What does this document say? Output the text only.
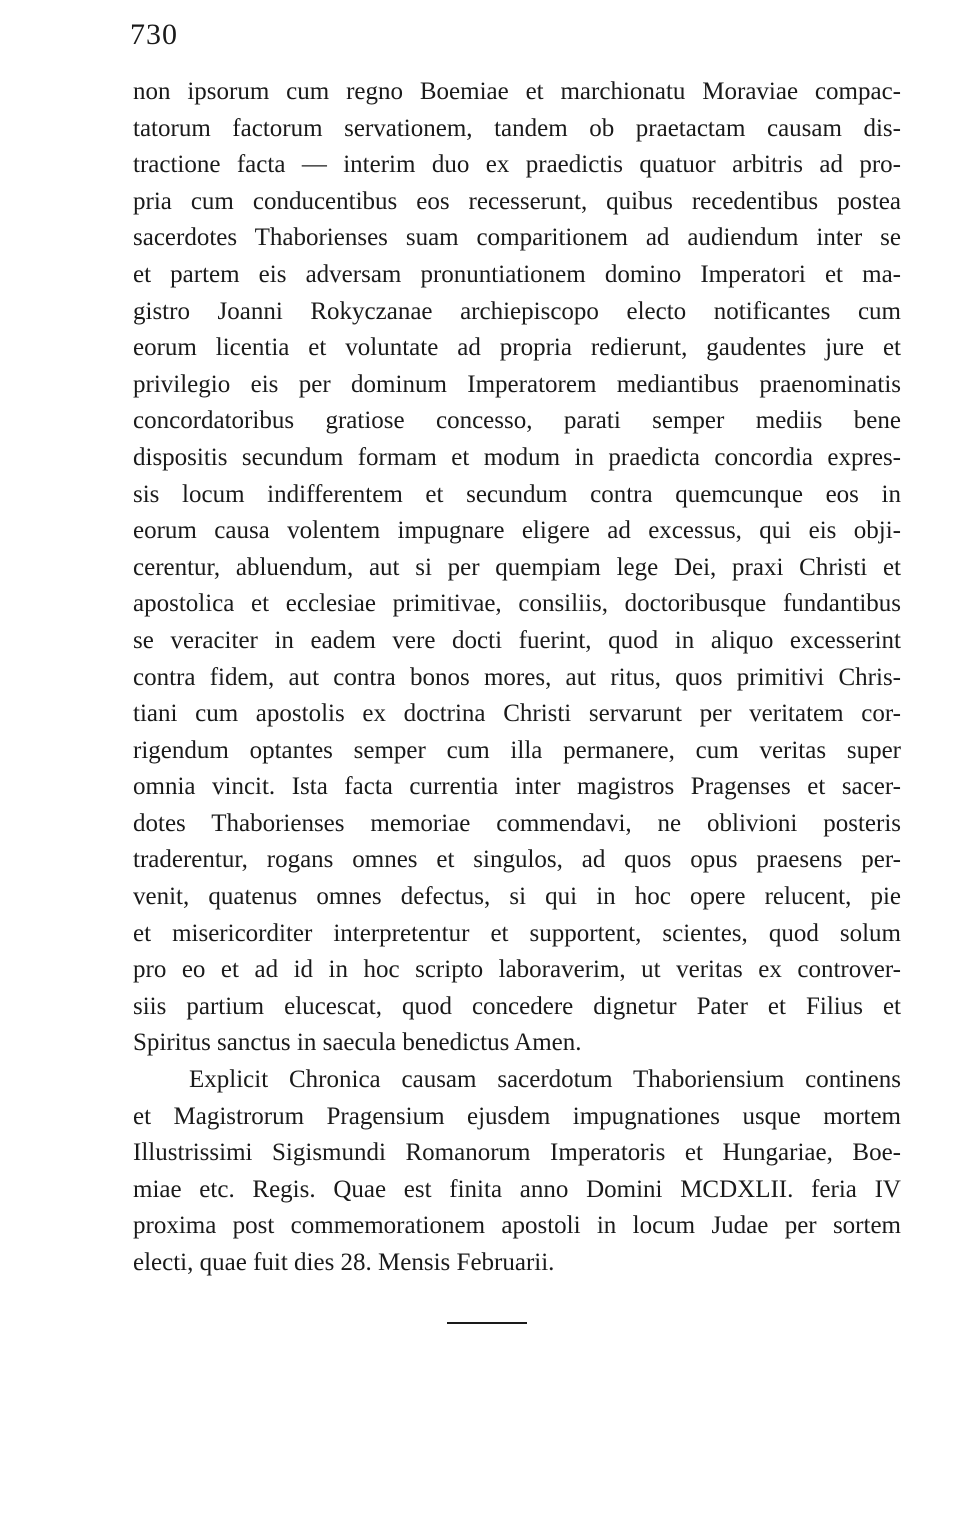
730
non ipsorum cum regno Boemiae et marchionatu Moraviae compac-
tatorum factorum servationem, tandem ob praetactam causam dis-
tractione facta — interim duo ex praedictis quatuor arbitris ad pro-
pria cum conducentibus eos recesserunt, quibus recedentibus postea
sacerdotes Thaborienses suam comparitionem ad audiendum inter se
et partem eis adversam pronuntiationem domino Imperatori et ma-
gistro Joanni Rokyczanae archiepiscopo electo notificantes cum
eorum licentia et voluntate ad propria redierunt, gaudentes jure et
privilegio eis per dominum Imperatorem mediantibus praenominatis
concordatoribus gratiose concesso, parati semper mediis bene
dispositis secundum formam et modum in praedicta concordia expres-
sis locum indifferentem et secundum contra quemcunque eos in
eorum causa volentem impugnare eligere ad excessus, qui eis obji-
cerentur, abluendum, aut si per quempiam lege Dei, praxi Christi et
apostolica et ecclesiae primitivae, consiliis, doctoribusque fundantibus
se veraciter in eadem vere docti fuerint, quod in aliquo excesserint
contra fidem, aut contra bonos mores, aut ritus, quos primitivi Chris-
tiani cum apostolis ex doctrina Christi servarunt per veritatem cor-
rigendum optantes semper cum illa permanere, cum veritas super
omnia vincit. Ista facta currentia inter magistros Pragenses et sacer-
dotes Thaborienses memoriae commendavi, ne oblivioni posteris
traderentur, rogans omnes et singulos, ad quos opus praesens per-
venit, quatenus omnes defectus, si qui in hoc opere relucent, pie
et misericorditer interpretentur et supportent, scientes, quod solum
pro eo et ad id in hoc scripto laboraverim, ut veritas ex controver-
siis partium elucescat, quod concedere dignetur Pater et Filius et
Spiritus sanctus in saecula benedictus Amen.
Explicit Chronica causam sacerdotum Thaboriensium continens
et Magistrorum Pragensium ejusdem impugnationes usque mortem
Illustrissimi Sigismundi Romanorum Imperatoris et Hungariae, Boe-
miae etc. Regis. Quae est finita anno Domini MCDXLII. feria IV
proxima post commemorationem apostoli in locum Judae per sortem
electi, quae fuit dies 28. Mensis Februarii.
